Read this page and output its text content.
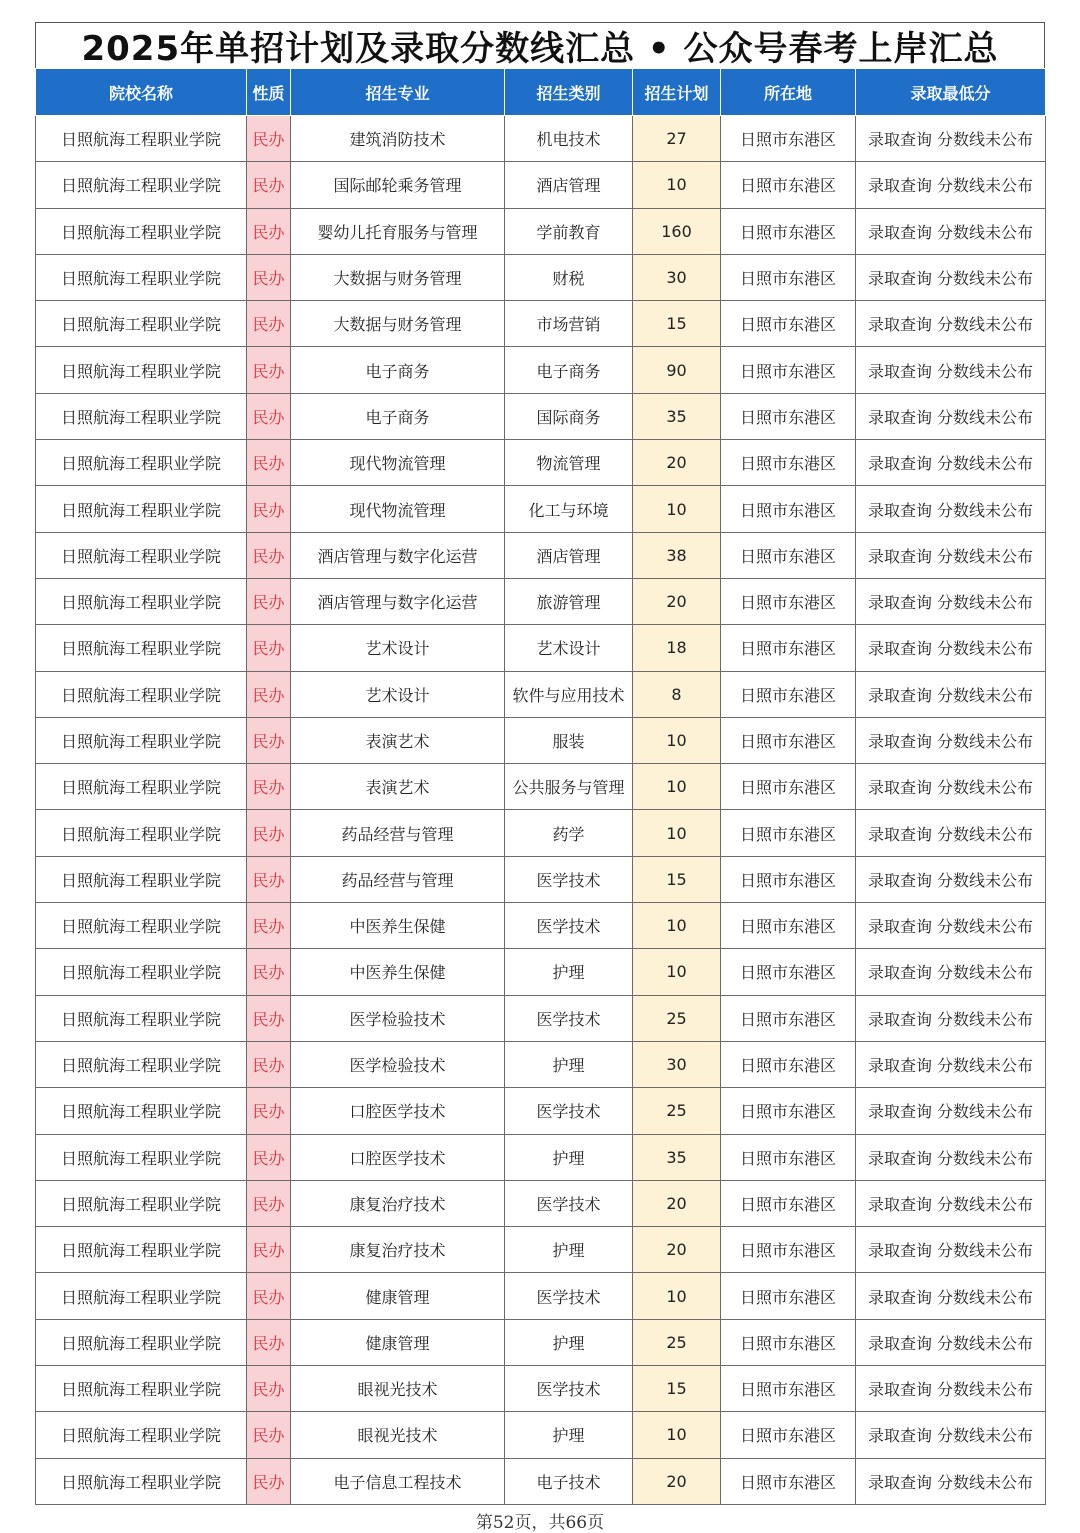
2025年单招计划及录取分数线汇总 • 公众号春考上岸汇总
院校名称	性质	招生专业	招生类别	招生计划	所在地	录取最低分
日照航海工程职业学院	民办	建筑消防技术	机电技术	27	日照市东港区	录取查询 分数线未公布
日照航海工程职业学院	民办	国际邮轮乘务管理	酒店管理	10	日照市东港区	录取查询 分数线未公布
日照航海工程职业学院	民办	婴幼儿托育服务与管理	学前教育	160	日照市东港区	录取查询 分数线未公布
日照航海工程职业学院	民办	大数据与财务管理	财税	30	日照市东港区	录取查询 分数线未公布
日照航海工程职业学院	民办	大数据与财务管理	市场营销	15	日照市东港区	录取查询 分数线未公布
日照航海工程职业学院	民办	电子商务	电子商务	90	日照市东港区	录取查询 分数线未公布
日照航海工程职业学院	民办	电子商务	国际商务	35	日照市东港区	录取查询 分数线未公布
日照航海工程职业学院	民办	现代物流管理	物流管理	20	日照市东港区	录取查询 分数线未公布
日照航海工程职业学院	民办	现代物流管理	化工与环境	10	日照市东港区	录取查询 分数线未公布
日照航海工程职业学院	民办	酒店管理与数字化运营	酒店管理	38	日照市东港区	录取查询 分数线未公布
日照航海工程职业学院	民办	酒店管理与数字化运营	旅游管理	20	日照市东港区	录取查询 分数线未公布
日照航海工程职业学院	民办	艺术设计	艺术设计	18	日照市东港区	录取查询 分数线未公布
日照航海工程职业学院	民办	艺术设计	软件与应用技术	8	日照市东港区	录取查询 分数线未公布
日照航海工程职业学院	民办	表演艺术	服装	10	日照市东港区	录取查询 分数线未公布
日照航海工程职业学院	民办	表演艺术	公共服务与管理	10	日照市东港区	录取查询 分数线未公布
日照航海工程职业学院	民办	药品经营与管理	药学	10	日照市东港区	录取查询 分数线未公布
日照航海工程职业学院	民办	药品经营与管理	医学技术	15	日照市东港区	录取查询 分数线未公布
日照航海工程职业学院	民办	中医养生保健	医学技术	10	日照市东港区	录取查询 分数线未公布
日照航海工程职业学院	民办	中医养生保健	护理	10	日照市东港区	录取查询 分数线未公布
日照航海工程职业学院	民办	医学检验技术	医学技术	25	日照市东港区	录取查询 分数线未公布
日照航海工程职业学院	民办	医学检验技术	护理	30	日照市东港区	录取查询 分数线未公布
日照航海工程职业学院	民办	口腔医学技术	医学技术	25	日照市东港区	录取查询 分数线未公布
日照航海工程职业学院	民办	口腔医学技术	护理	35	日照市东港区	录取查询 分数线未公布
日照航海工程职业学院	民办	康复治疗技术	医学技术	20	日照市东港区	录取查询 分数线未公布
日照航海工程职业学院	民办	康复治疗技术	护理	20	日照市东港区	录取查询 分数线未公布
日照航海工程职业学院	民办	健康管理	医学技术	10	日照市东港区	录取查询 分数线未公布
日照航海工程职业学院	民办	健康管理	护理	25	日照市东港区	录取查询 分数线未公布
日照航海工程职业学院	民办	眼视光技术	医学技术	15	日照市东港区	录取查询 分数线未公布
日照航海工程职业学院	民办	眼视光技术	护理	10	日照市东港区	录取查询 分数线未公布
日照航海工程职业学院	民办	电子信息工程技术	电子技术	20	日照市东港区	录取查询 分数线未公布
第52页，共66页
